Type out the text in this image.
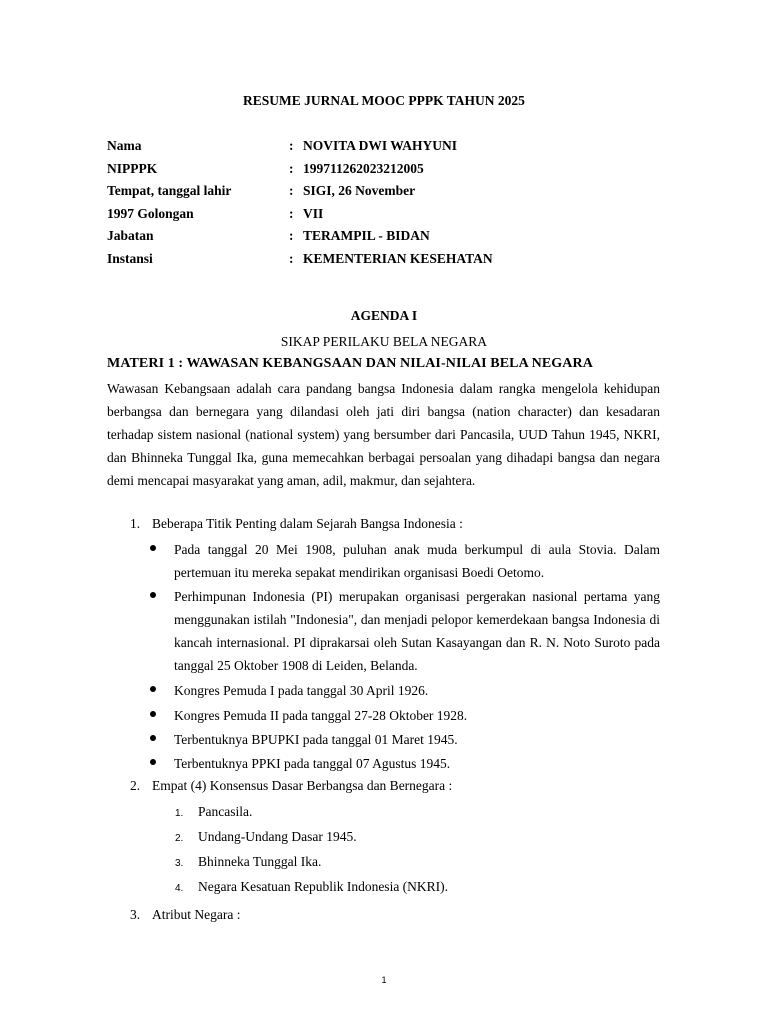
RESUME JURNAL MOOC PPPK TAHUN 2025
Nama	: NOVITA DWI WAHYUNI
NIPPPK	: 199711262023212005
Tempat, tanggal lahir	: SIGI, 26 November
1997 Golongan	: VII
Jabatan	: TERAMPIL - BIDAN
Instansi	: KEMENTERIAN KESEHATAN
AGENDA I
SIKAP PERILAKU BELA NEGARA
MATERI 1 : WAWASAN KEBANGSAAN DAN NILAI-NILAI BELA NEGARA
Wawasan Kebangsaan adalah cara pandang bangsa Indonesia dalam rangka mengelola kehidupan berbangsa dan bernegara yang dilandasi oleh jati diri bangsa (nation character) dan kesadaran terhadap sistem nasional (national system) yang bersumber dari Pancasila, UUD Tahun 1945, NKRI, dan Bhinneka Tunggal Ika, guna memecahkan berbagai persoalan yang dihadapi bangsa dan negara demi mencapai masyarakat yang aman, adil, makmur, dan sejahtera.
1. Beberapa Titik Penting dalam Sejarah Bangsa Indonesia :
Pada tanggal 20 Mei 1908, puluhan anak muda berkumpul di aula Stovia. Dalam pertemuan itu mereka sepakat mendirikan organisasi Boedi Oetomo.
Perhimpunan Indonesia (PI) merupakan organisasi pergerakan nasional pertama yang menggunakan istilah "Indonesia", dan menjadi pelopor kemerdekaan bangsa Indonesia di kancah internasional. PI diprakarsai oleh Sutan Kasayangan dan R. N. Noto Suroto pada tanggal 25 Oktober 1908 di Leiden, Belanda.
Kongres Pemuda I pada tanggal 30 April 1926.
Kongres Pemuda II pada tanggal 27-28 Oktober 1928.
Terbentuknya BPUPKI pada tanggal 01 Maret 1945.
Terbentuknya PPKI pada tanggal 07 Agustus 1945.
2. Empat (4) Konsensus Dasar Berbangsa dan Bernegara :
1. Pancasila.
2. Undang-Undang Dasar 1945.
3. Bhinneka Tunggal Ika.
4. Negara Kesatuan Republik Indonesia (NKRI).
3. Atribut Negara :
1
